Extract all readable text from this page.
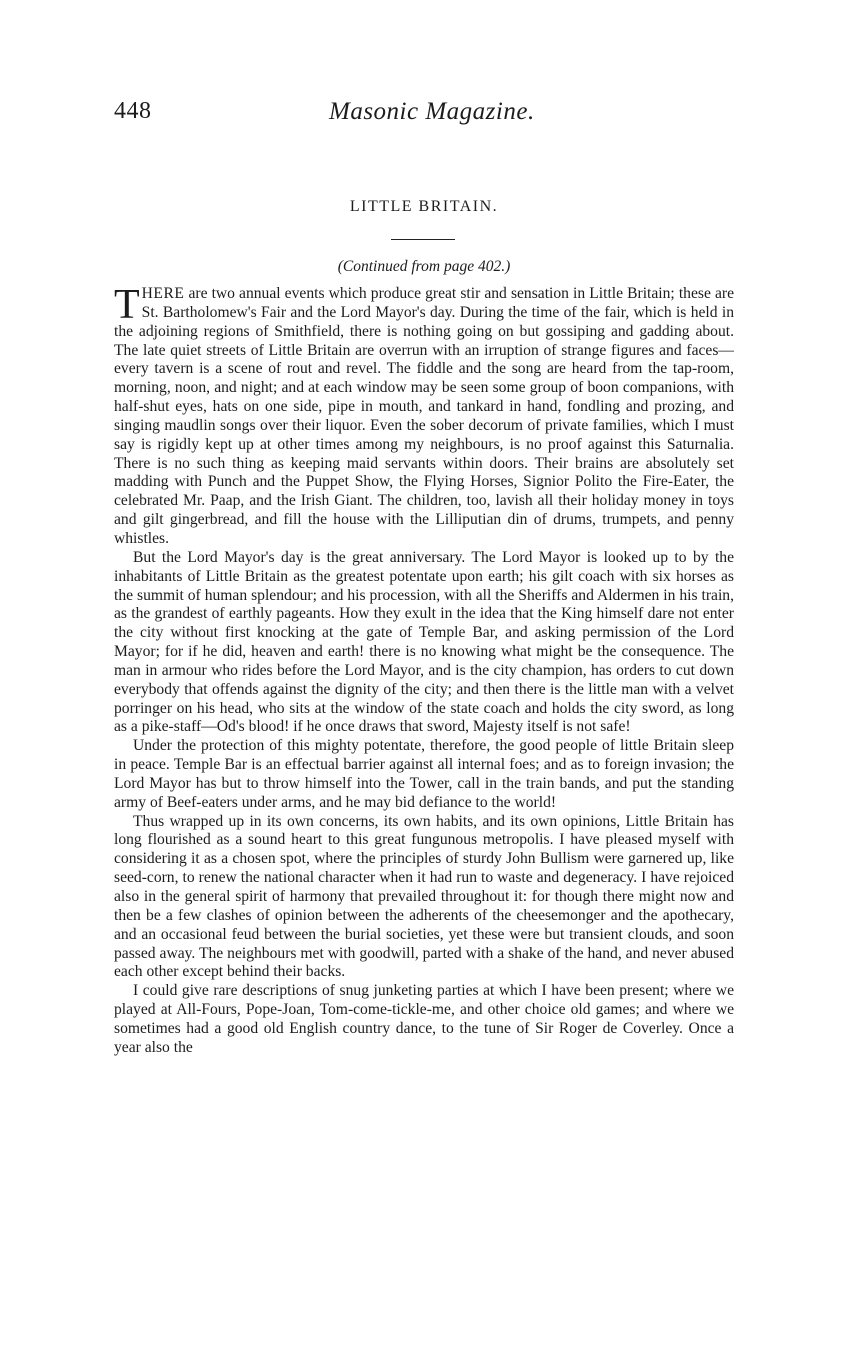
448	Masonic Magazine.
LITTLE BRITAIN.
(Continued from page 402.)

THERE are two annual events which produce great stir and sensation in Little Britain; these are St. Bartholomew's Fair and the Lord Mayor's day. During the time of the fair, which is held in the adjoining regions of Smithfield, there is nothing going on but gossiping and gadding about. The late quiet streets of Little Britain are overrun with an irruption of strange figures and faces—every tavern is a scene of rout and revel. The fiddle and the song are heard from the tap-room, morning, noon, and night; and at each window may be seen some group of boon companions, with half-shut eyes, hats on one side, pipe in mouth, and tankard in hand, fondling and prozing, and singing maudlin songs over their liquor. Even the sober decorum of private families, which I must say is rigidly kept up at other times among my neighbours, is no proof against this Saturnalia. There is no such thing as keeping maid servants within doors. Their brains are absolutely set madding with Punch and the Puppet Show, the Flying Horses, Signior Polito the Fire-Eater, the celebrated Mr. Paap, and the Irish Giant. The children, too, lavish all their holiday money in toys and gilt gingerbread, and fill the house with the Lilliputian din of drums, trumpets, and penny whistles.

But the Lord Mayor's day is the great anniversary. The Lord Mayor is looked up to by the inhabitants of Little Britain as the greatest potentate upon earth; his gilt coach with six horses as the summit of human splendour; and his procession, with all the Sheriffs and Aldermen in his train, as the grandest of earthly pageants. How they exult in the idea that the King himself dare not enter the city without first knocking at the gate of Temple Bar, and asking permission of the Lord Mayor; for if he did, heaven and earth! there is no knowing what might be the consequence. The man in armour who rides before the Lord Mayor, and is the city champion, has orders to cut down everybody that offends against the dignity of the city; and then there is the little man with a velvet porringer on his head, who sits at the window of the state coach and holds the city sword, as long as a pike-staff—Od's blood! if he once draws that sword, Majesty itself is not safe!

Under the protection of this mighty potentate, therefore, the good people of little Britain sleep in peace. Temple Bar is an effectual barrier against all internal foes; and as to foreign invasion; the Lord Mayor has but to throw himself into the Tower, call in the train bands, and put the standing army of Beef-eaters under arms, and he may bid defiance to the world!

Thus wrapped up in its own concerns, its own habits, and its own opinions, Little Britain has long flourished as a sound heart to this great fungunous metropolis. I have pleased myself with considering it as a chosen spot, where the principles of sturdy John Bullism were garnered up, like seed-corn, to renew the national character when it had run to waste and degeneracy. I have rejoiced also in the general spirit of harmony that prevailed throughout it: for though there might now and then be a few clashes of opinion between the adherents of the cheesemonger and the apothecary, and an occasional feud between the burial societies, yet these were but transient clouds, and soon passed away. The neighbours met with goodwill, parted with a shake of the hand, and never abused each other except behind their backs.

I could give rare descriptions of snug junketing parties at which I have been present; where we played at All-Fours, Pope-Joan, Tom-come-tickle-me, and other choice old games; and where we sometimes had a good old English country dance, to the tune of Sir Roger de Coverley. Once a year also the
